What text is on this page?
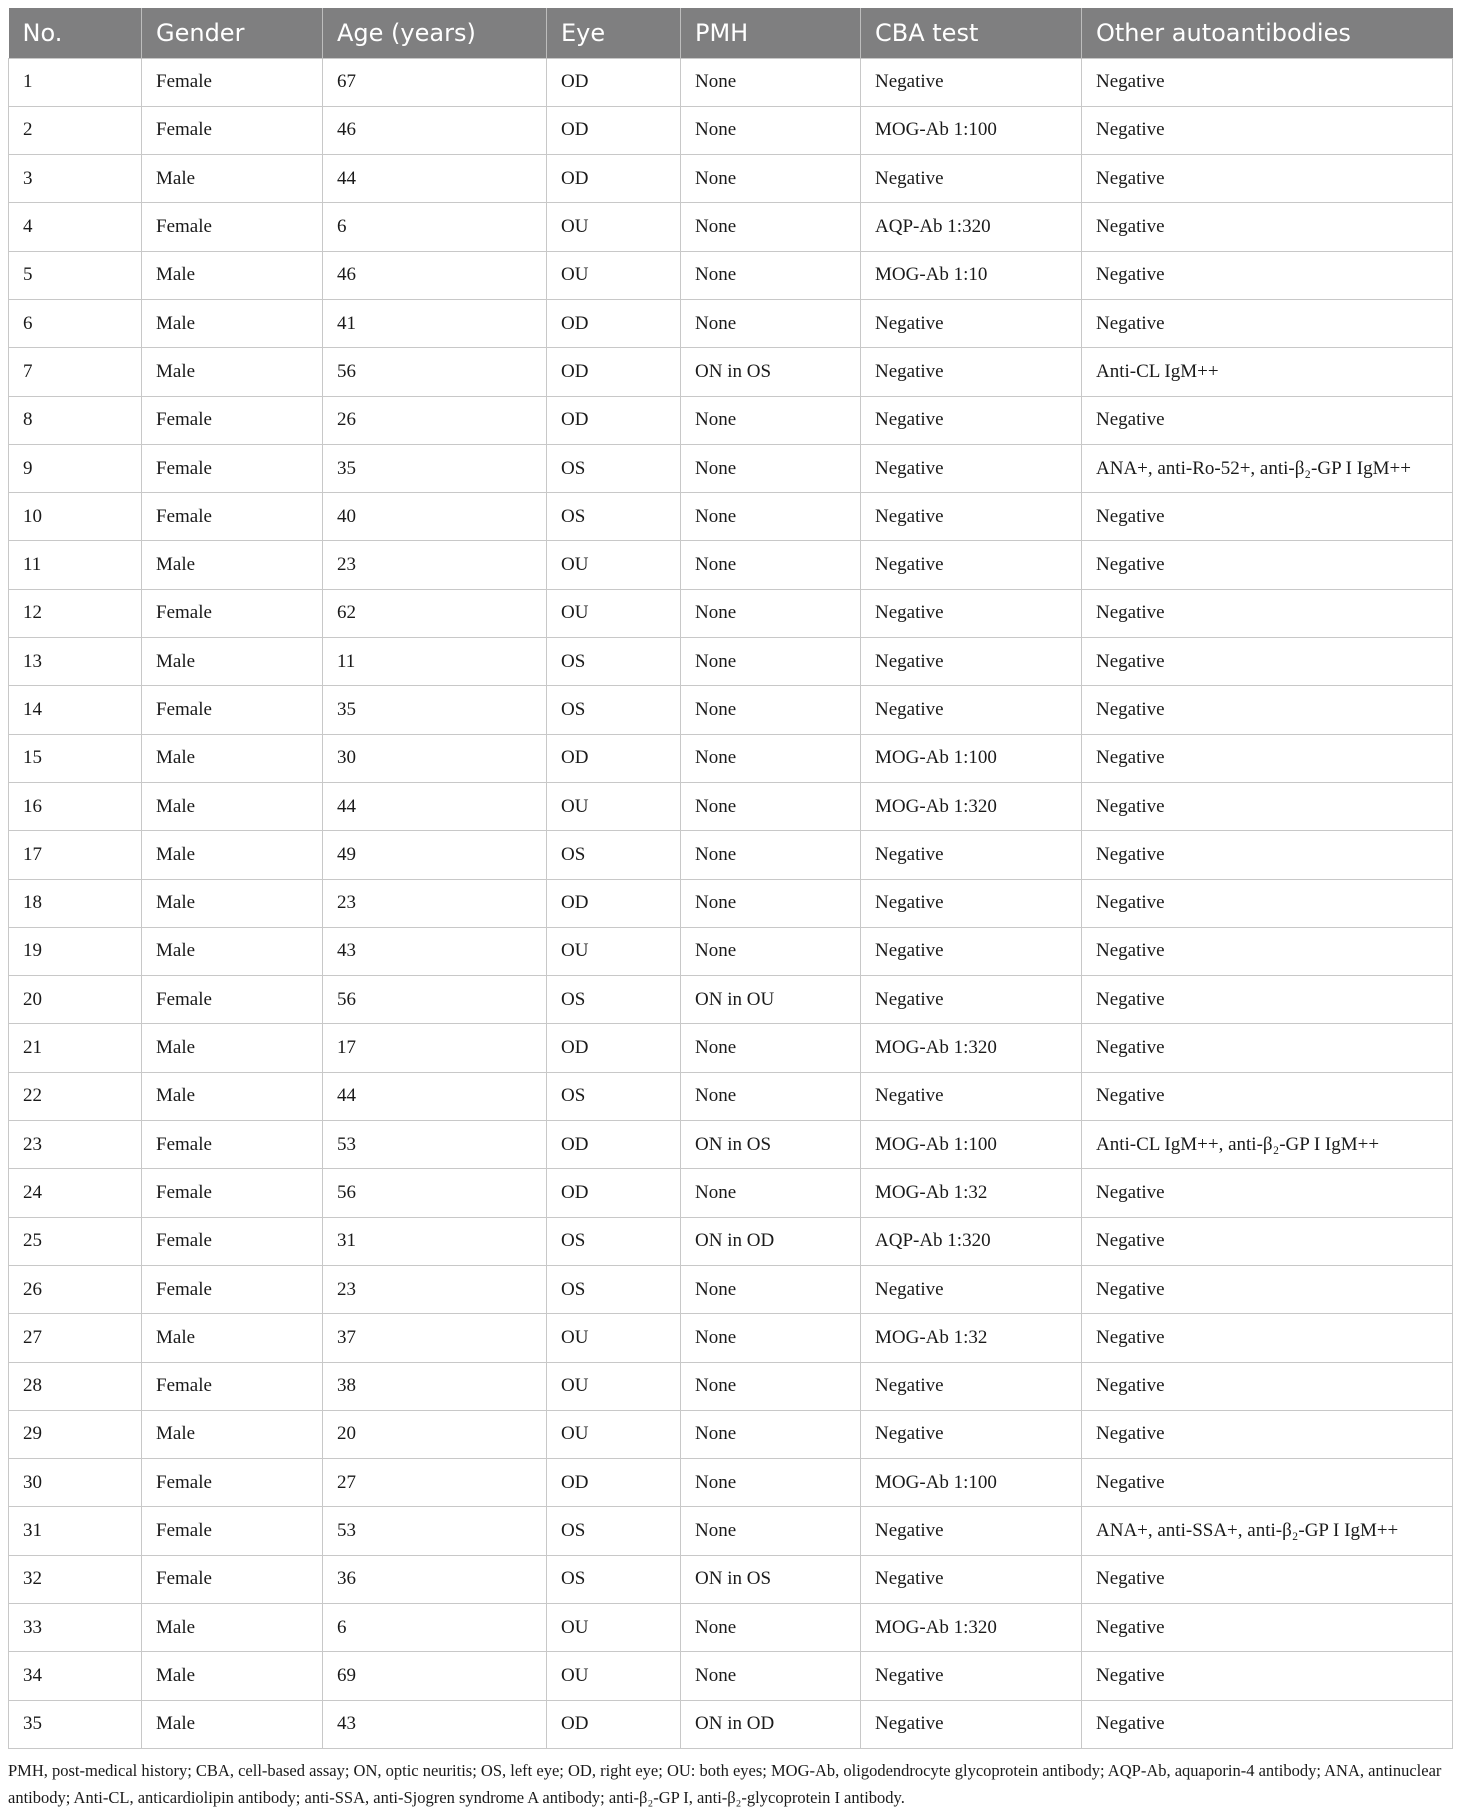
No.	Gender	Age (years)	Eye	PMH	CBA test	Other autoantibodies
1	Female	67	OD	None	Negative	Negative
2	Female	46	OD	None	MOG-Ab 1:100	Negative
3	Male	44	OD	None	Negative	Negative
4	Female	6	OU	None	AQP-Ab 1:320	Negative
5	Male	46	OU	None	MOG-Ab 1:10	Negative
6	Male	41	OD	None	Negative	Negative
7	Male	56	OD	ON in OS	Negative	Anti-CL IgM++
8	Female	26	OD	None	Negative	Negative
9	Female	35	OS	None	Negative	ANA+, anti-Ro-52+, anti-β₂-GP I IgM++
10	Female	40	OS	None	Negative	Negative
11	Male	23	OU	None	Negative	Negative
12	Female	62	OU	None	Negative	Negative
13	Male	11	OS	None	Negative	Negative
14	Female	35	OS	None	Negative	Negative
15	Male	30	OD	None	MOG-Ab 1:100	Negative
16	Male	44	OU	None	MOG-Ab 1:320	Negative
17	Male	49	OS	None	Negative	Negative
18	Male	23	OD	None	Negative	Negative
19	Male	43	OU	None	Negative	Negative
20	Female	56	OS	ON in OU	Negative	Negative
21	Male	17	OD	None	MOG-Ab 1:320	Negative
22	Male	44	OS	None	Negative	Negative
23	Female	53	OD	ON in OS	MOG-Ab 1:100	Anti-CL IgM++, anti-β₂-GP I IgM++
24	Female	56	OD	None	MOG-Ab 1:32	Negative
25	Female	31	OS	ON in OD	AQP-Ab 1:320	Negative
26	Female	23	OS	None	Negative	Negative
27	Male	37	OU	None	MOG-Ab 1:32	Negative
28	Female	38	OU	None	Negative	Negative
29	Male	20	OU	None	Negative	Negative
30	Female	27	OD	None	MOG-Ab 1:100	Negative
31	Female	53	OS	None	Negative	ANA+, anti-SSA+, anti-β₂-GP I IgM++
32	Female	36	OS	ON in OS	Negative	Negative
33	Male	6	OU	None	MOG-Ab 1:320	Negative
34	Male	69	OU	None	Negative	Negative
35	Male	43	OD	ON in OD	Negative	Negative

PMH, post-medical history; CBA, cell-based assay; ON, optic neuritis; OS, left eye; OD, right eye; OU: both eyes; MOG-Ab, oligodendrocyte glycoprotein antibody; AQP-Ab, aquaporin-4 antibody; ANA, antinuclear antibody; Anti-CL, anticardiolipin antibody; anti-SSA, anti-Sjogren syndrome A antibody; anti-β₂-GP I, anti-β₂-glycoprotein I antibody.
